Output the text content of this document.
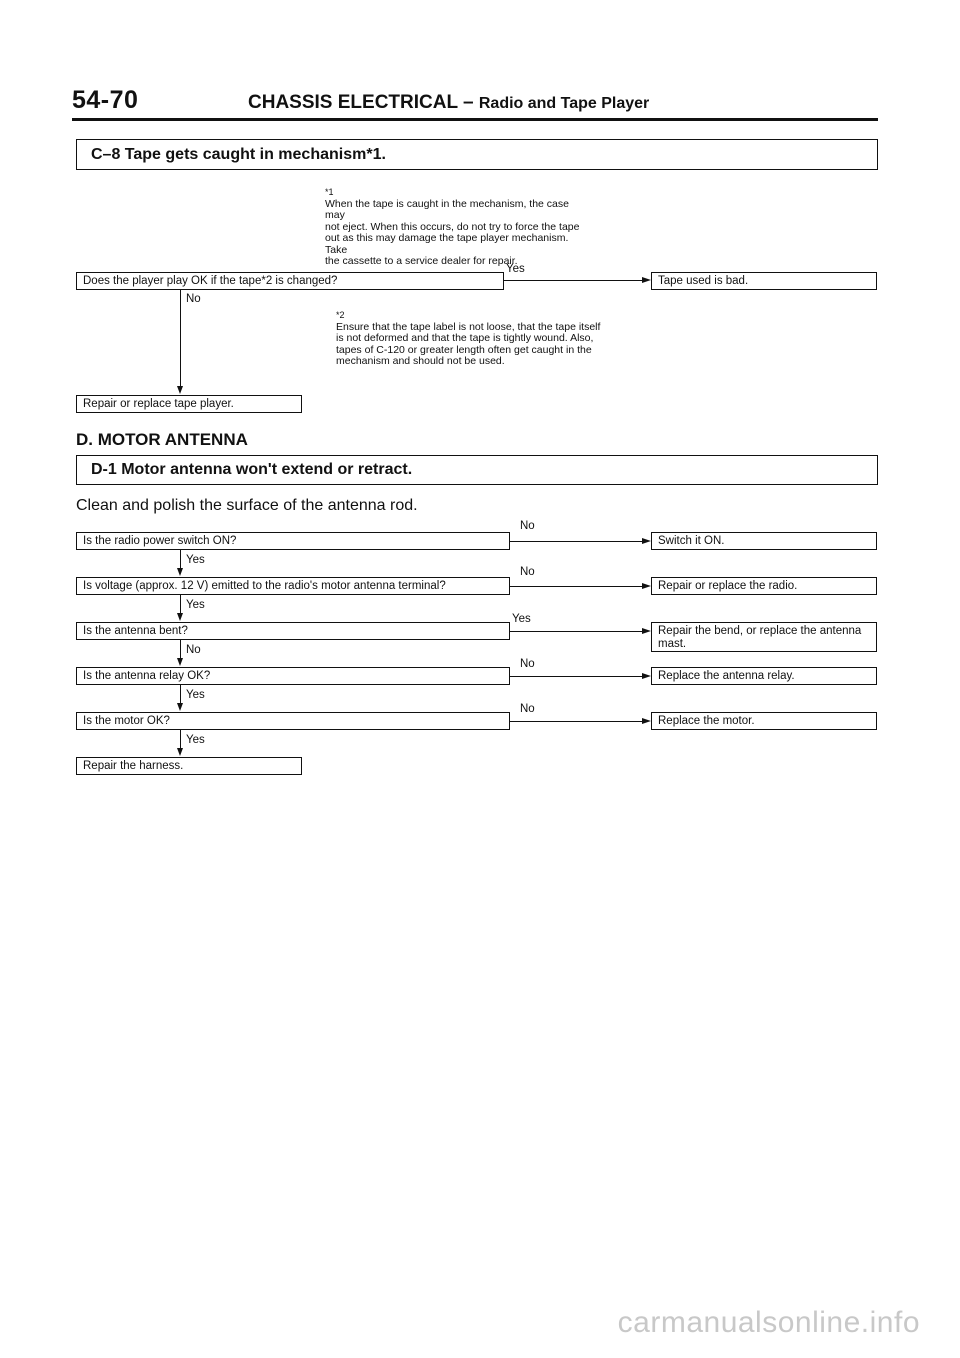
54-70	CHASSIS ELECTRICAL – Radio and Tape Player
C–8 Tape gets caught in mechanism*1.
*1
When the tape is caught in the mechanism, the case may
not eject. When this occurs, do not try to force the tape
out as this may damage the tape player mechanism. Take
the cassette to a service dealer for repair.
Does the player play OK if the tape*2 is changed?
Yes
Tape used is bad.
No
*2
Ensure that the tape label is not loose, that the tape itself
is not deformed and that the tape is tightly wound. Also,
tapes of C-120 or greater length often get caught in the
mechanism and should not be used.
Repair or replace tape player.
D. MOTOR ANTENNA
D-1 Motor antenna won't extend or retract.
Clean and polish the surface of the antenna rod.
Is the radio power switch ON?
No
Switch it ON.
Yes
Is voltage (approx. 12 V) emitted to the radio's motor antenna terminal?
No
Repair or replace the radio.
Yes
Is the antenna bent?
Yes
Repair the bend, or replace the antenna mast.
No
Is the antenna relay OK?
No
Replace the antenna relay.
Yes
Is the motor OK?
No
Replace the motor.
Yes
Repair the harness.
carmanualsonline.info
